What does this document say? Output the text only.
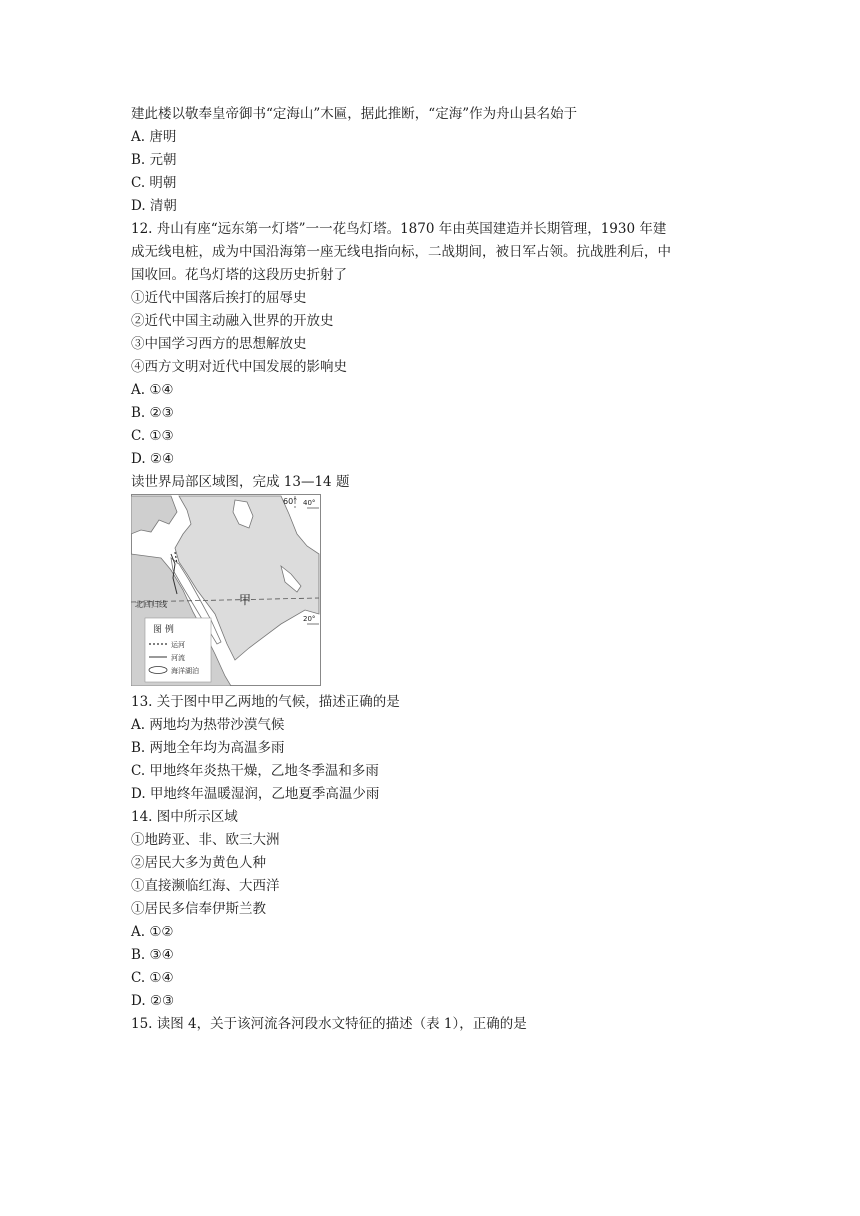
建此楼以敬奉皇帝御书“定海山”木匾，据此推断，“定海”作为舟山县名始于
A. 唐明
B. 元朝
C. 明朝
D. 清朝
12. 舟山有座“远东第一灯塔”一一花鸟灯塔。1870 年由英国建造并长期管理，1930 年建
成无线电桩，成为中国沿海第一座无线电指向标，二战期间，被日军占领。抗战胜利后，中
国收回。花鸟灯塔的这段历史折射了
①近代中国落后挨打的屈辱史
②近代中国主动融入世界的开放史
③中国学习西方的思想解放史
④西方文明对近代中国发展的影响史
A. ①④
B. ②③
C. ①③
D. ②④
读世界局部区域图，完成 13—14 题
甲
北回归线
60° 40°
20°
图 例
运河
河流
海洋湖泊
13. 关于图中甲乙两地的气候，描述正确的是
A. 两地均为热带沙漠气候
B. 两地全年均为高温多雨
C. 甲地终年炎热干燥，乙地冬季温和多雨
D. 甲地终年温暖湿润，乙地夏季高温少雨
14. 图中所示区域
①地跨亚、非、欧三大洲
②居民大多为黄色人种
①直接濒临红海、大西洋
①居民多信奉伊斯兰教
A. ①②
B. ③④
C. ①④
D. ②③
15. 读图 4，关于该河流各河段水文特征的描述（表 1），正确的是
